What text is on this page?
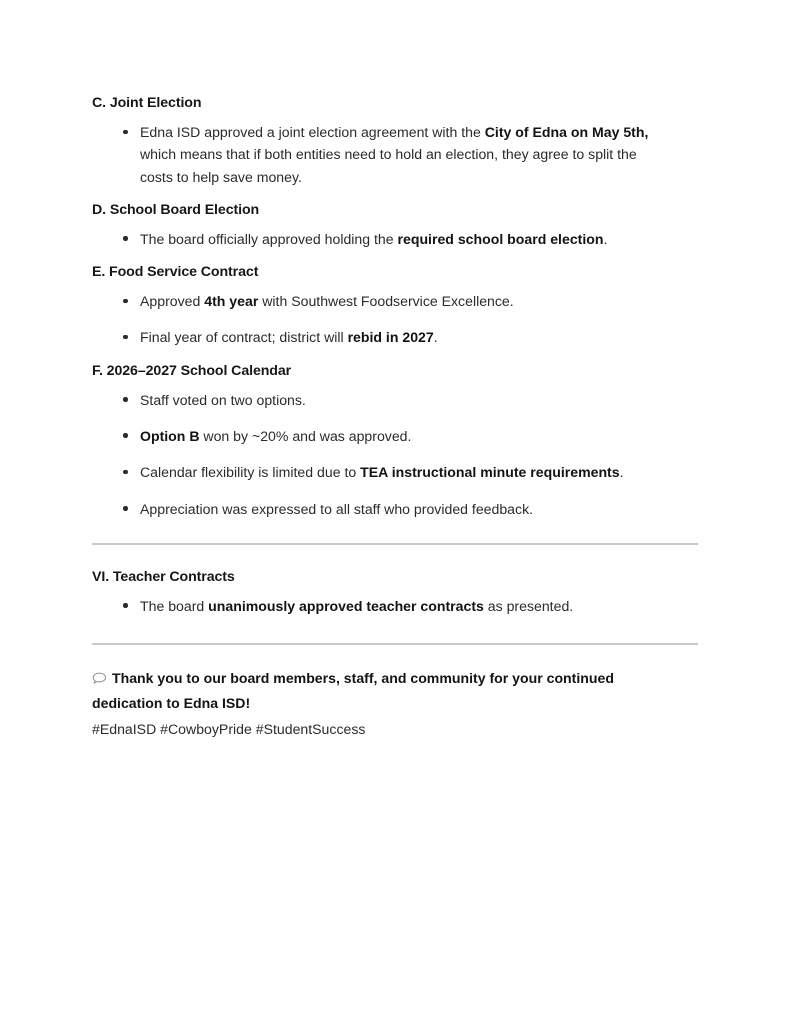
C. Joint Election
Edna ISD approved a joint election agreement with the City of Edna on May 5th, which means that if both entities need to hold an election, they agree to split the costs to help save money.
D. School Board Election
The board officially approved holding the required school board election.
E. Food Service Contract
Approved 4th year with Southwest Foodservice Excellence.
Final year of contract; district will rebid in 2027.
F. 2026–2027 School Calendar
Staff voted on two options.
Option B won by ~20% and was approved.
Calendar flexibility is limited due to TEA instructional minute requirements.
Appreciation was expressed to all staff who provided feedback.
VI. Teacher Contracts
The board unanimously approved teacher contracts as presented.
Thank you to our board members, staff, and community for your continued dedication to Edna ISD!
#EdnaISD #CowboyPride #StudentSuccess
